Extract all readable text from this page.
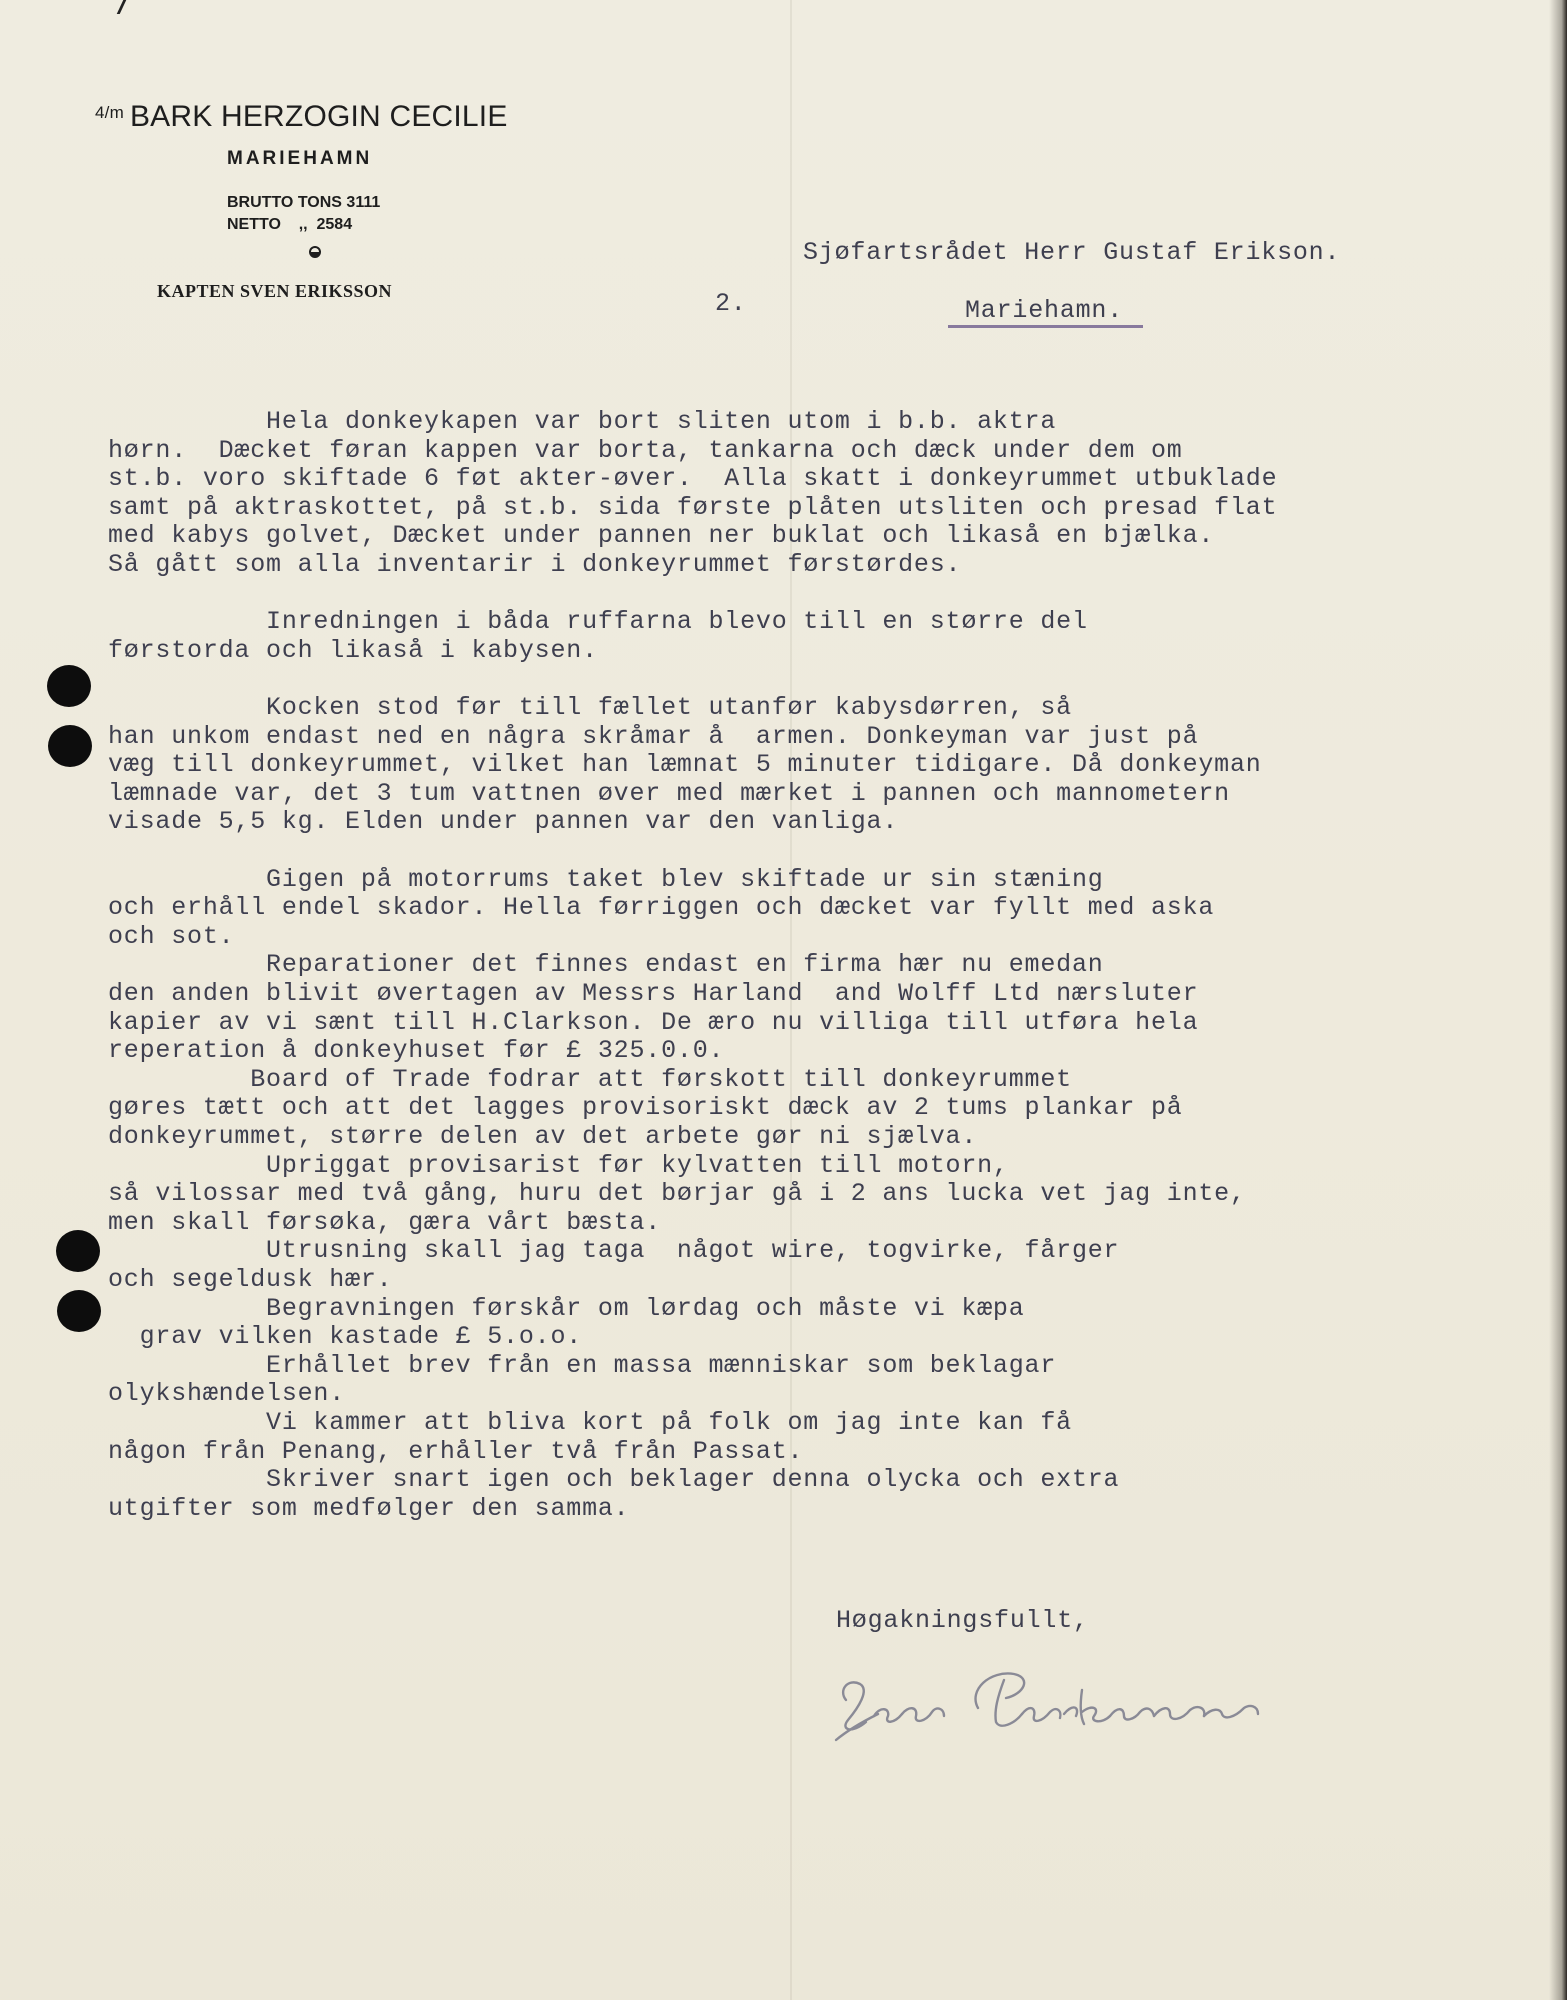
$^{4/m}$ BARK HERZOGIN CECILIE
MARIEHAMN
BRUTTO TONS 3111
NETTO    ,,  2584
KAPTEN SVEN ERIKSSON
Sjøfartsrådet Herr Gustaf Erikson.
2.	Mariehamn.
Hela donkeykapen var bort sliten utom i b.b. aktra
hørn.  Dæcket føran kappen var borta, tankarna och dæck under dem om
st.b. voro skiftade 6 føt akter-øver.  Alla skatt i donkeyrummet utbuklade
samt på aktraskottet, på st.b. sida første plåten utsliten och presad flat
med kabys golvet, Dæcket under pannen ner buklat och likaså en bjælka.
Så gått som alla inventarir i donkeyrummet førstørdes.
Inredningen i båda ruffarna blevo till en større del
førstorda och likaså i kabysen.
Kocken stod før till fællet utanfør kabysdørren, så
han unkom endast ned en några skråmar å  armen. Donkeyman var just på
væg till donkeyrummet, vilket han læmnat 5 minuter tidigare. Då donkeyman
læmnade var, det 3 tum vattnen øver med mærket i pannen och mannometern
visade 5,5 kg. Elden under pannen var den vanliga.
Gigen på motorrums taket blev skiftade ur sin stæning
och erhåll endel skador. Hella førriggen och dæcket var fyllt med aska
och sot.
Reparationer det finnes endast en firma hær nu emedan
den anden blivit øvertagen av Messrs Harland  and Wolff Ltd nærsluter
kapier av vi sænt till H.Clarkson. De æro nu villiga till utføra hela
reperation å donkeyhuset før £ 325.0.0.
Board of Trade fodrar att førskott till donkeyrummet
gøres tætt och att det lagges provisoriskt dæck av 2 tums plankar på
donkeyrummet, større delen av det arbete gør ni sjælva.
Upriggat provisarist før kylvatten till motorn,
så vilossar med två gång, huru det børjar gå i 2 ans lucka vet jag inte,
men skall førsøka, gæra vårt bæsta.
Utrusning skall jag taga  något wire, togvirke, fårger
och segeldusk hær.
Begravningen førskår om lørdag och måste vi kæpa
grav vilken kastade £ 5.o.o.
Erhållet brev från en massa mænniskar som beklagar
olykshændelsen.
Vi kammer att bliva kort på folk om jag inte kan få
någon från Penang, erhåller två från Passat.
Skriver snart igen och beklager denna olycka och extra
utgifter som medfølger den samma.
Høgakningsfullt,
